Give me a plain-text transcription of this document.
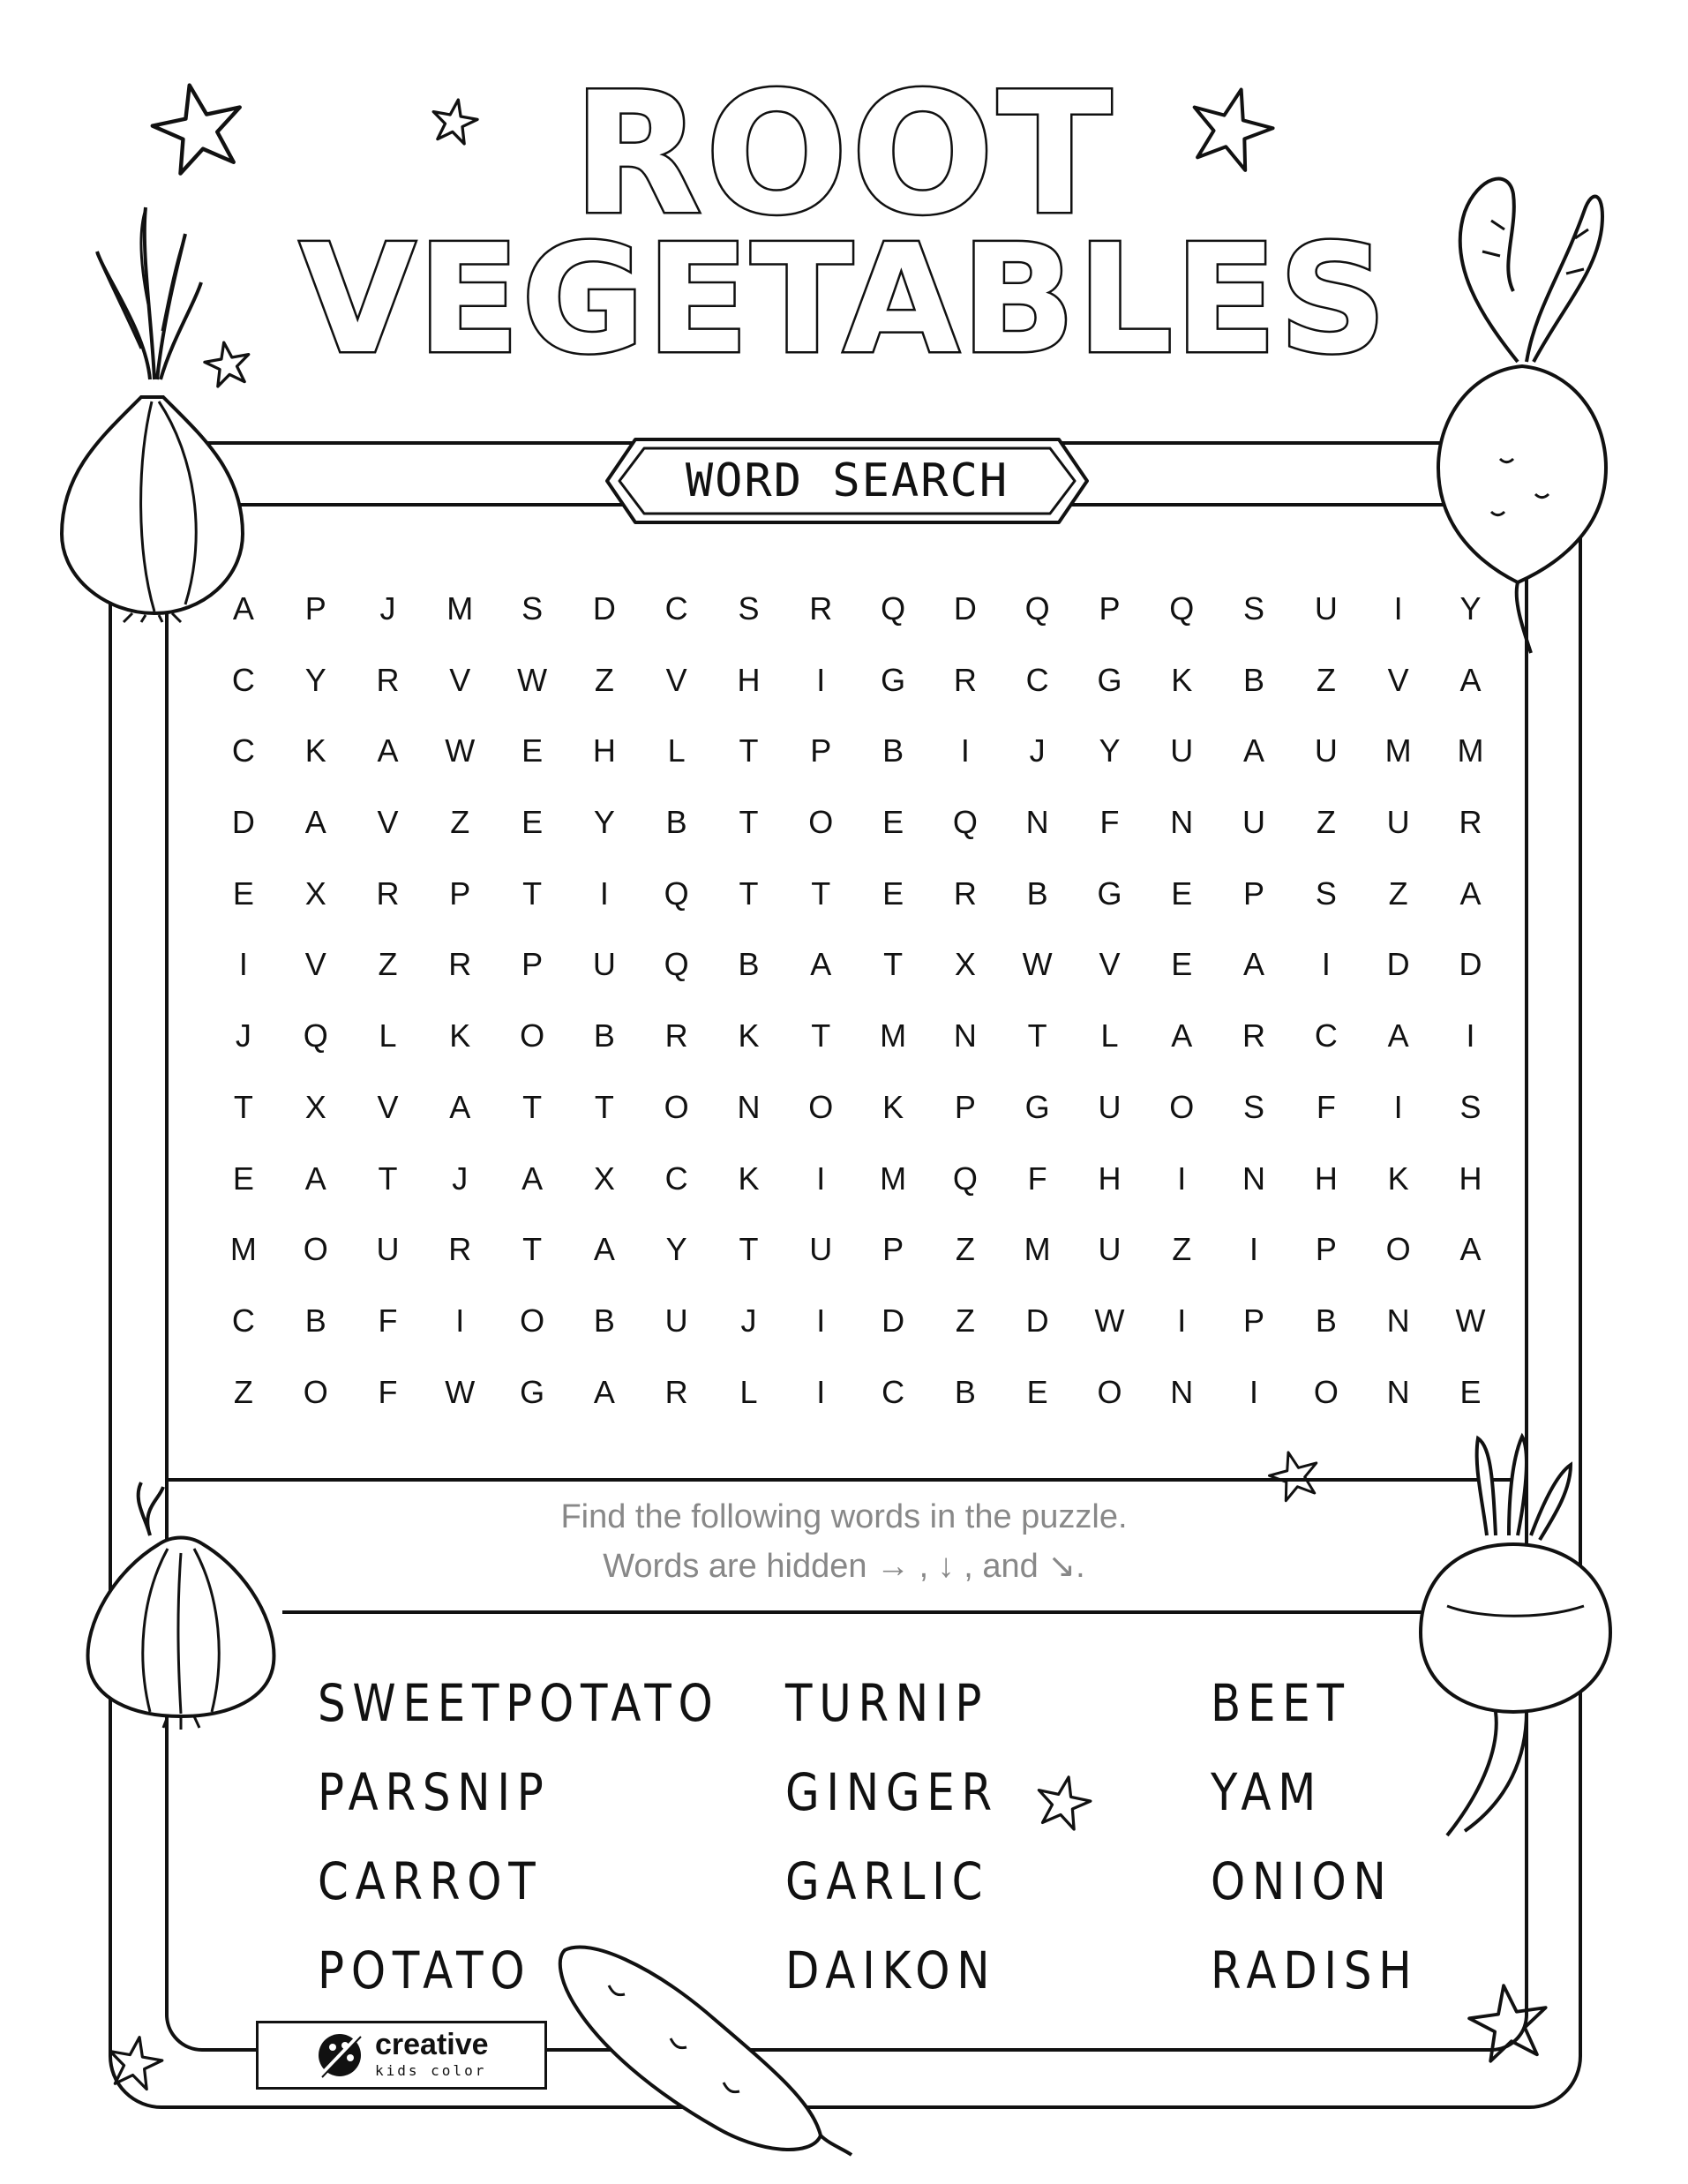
ROOT
VEGETABLES
WORD SEARCH
A	P	J	M	S	D	C	S	R	Q	D	Q	P	Q	S	U	I	Y
C	Y	R	V	W	Z	V	H	I	G	R	C	G	K	B	Z	V	A
C	K	A	W	E	H	L	T	P	B	I	J	Y	U	A	U	M	M
D	A	V	Z	E	Y	B	T	O	E	Q	N	F	N	U	Z	U	R
E	X	R	P	T	I	Q	T	T	E	R	B	G	E	P	S	Z	A
I	V	Z	R	P	U	Q	B	A	T	X	W	V	E	A	I	D	D
J	Q	L	K	O	B	R	K	T	M	N	T	L	A	R	C	A	I
T	X	V	A	T	T	O	N	O	K	P	G	U	O	S	F	I	S
E	A	T	J	A	X	C	K	I	M	Q	F	H	I	N	H	K	H
M	O	U	R	T	A	Y	T	U	P	Z	M	U	Z	I	P	O	A
C	B	F	I	O	B	U	J	I	D	Z	D	W	I	P	B	N	W
Z	O	F	W	G	A	R	L	I	C	B	E	O	N	I	O	N	E
Find the following words in the puzzle.
Words are hidden → , ↓ , and ↘.
SWEETPOTATO
PARSNIP
CARROT
POTATO
TURNIP
GINGER
GARLIC
DAIKON
BEET
YAM
ONION
RADISH
creative
kids color
